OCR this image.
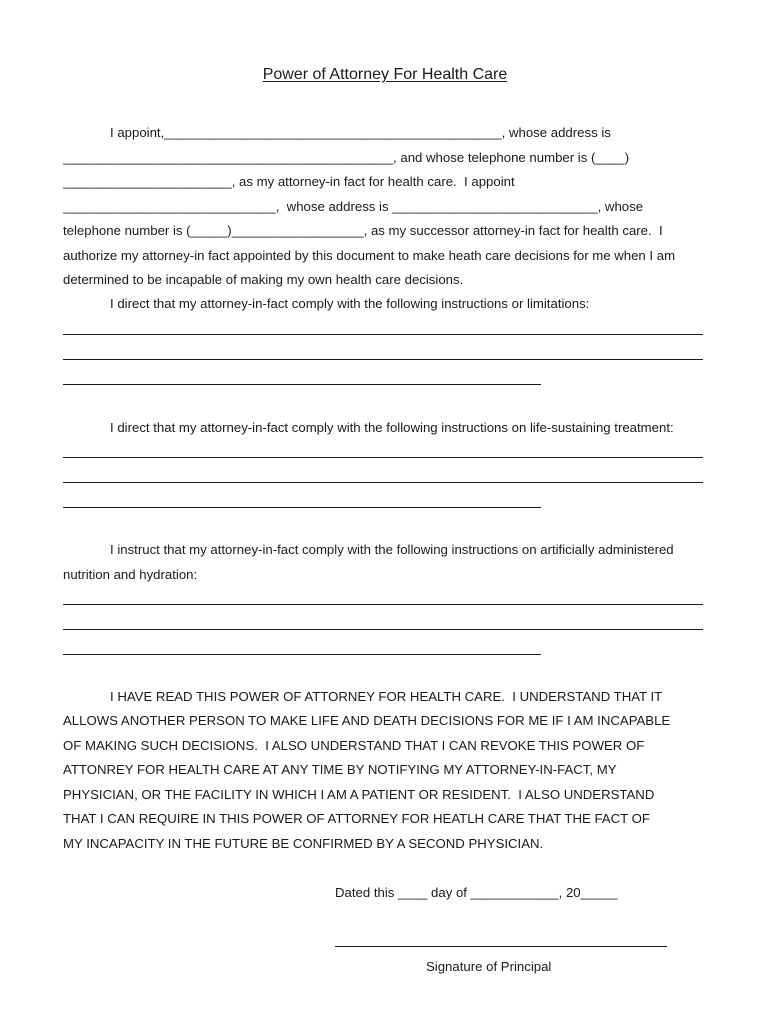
Power of Attorney For Health Care
I appoint,______________________________________________, whose address is
_____________________________________________, and whose telephone number is (____)
_______________________, as my attorney-in fact for health care.  I appoint
_____________________________,  whose address is ____________________________, whose
telephone number is (_____)__________________, as my successor attorney-in fact for health care.  I
authorize my attorney-in fact appointed by this document to make heath care decisions for me when I am
determined to be incapable of making my own health care decisions.
I direct that my attorney-in-fact comply with the following instructions or limitations:
I direct that my attorney-in-fact comply with the following instructions on life-sustaining treatment:
I instruct that my attorney-in-fact comply with the following instructions on artificially administered
nutrition and hydration:
I HAVE READ THIS POWER OF ATTORNEY FOR HEALTH CARE.  I UNDERSTAND THAT IT
ALLOWS ANOTHER PERSON TO MAKE LIFE AND DEATH DECISIONS FOR ME IF I AM INCAPABLE
OF MAKING SUCH DECISIONS.  I ALSO UNDERSTAND THAT I CAN REVOKE THIS POWER OF
ATTONREY FOR HEALTH CARE AT ANY TIME BY NOTIFYING MY ATTORNEY-IN-FACT, MY
PHYSICIAN, OR THE FACILITY IN WHICH I AM A PATIENT OR RESIDENT.  I ALSO UNDERSTAND
THAT I CAN REQUIRE IN THIS POWER OF ATTORNEY FOR HEATLH CARE THAT THE FACT OF
MY INCAPACITY IN THE FUTURE BE CONFIRMED BY A SECOND PHYSICIAN.
Dated this ____ day of ____________, 20_____
Signature of Principal
